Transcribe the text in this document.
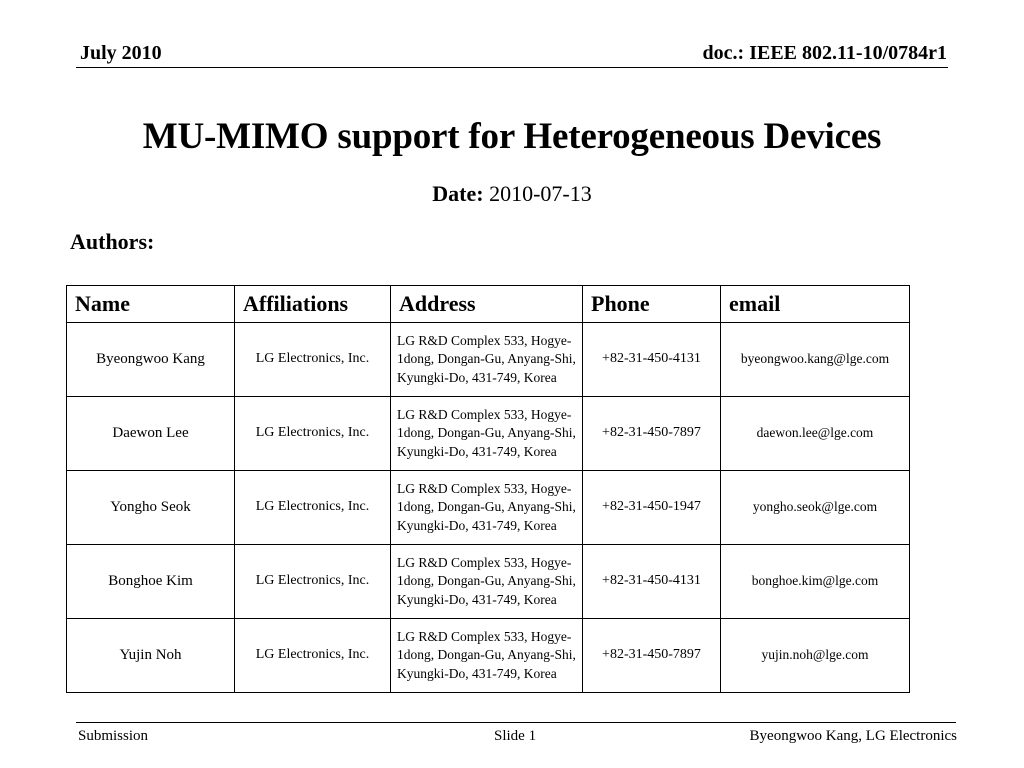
July 2010	doc.: IEEE 802.11-10/0784r1
MU-MIMO support for Heterogeneous Devices
Date: 2010-07-13
Authors:
Name	Affiliations	Address	Phone	email
Byeongwoo Kang	LG Electronics, Inc.	LG R&D Complex 533, Hogye-1dong, Dongan-Gu, Anyang-Shi, Kyungki-Do, 431-749, Korea	+82-31-450-4131	byeongwoo.kang@lge.com
Daewon Lee	LG Electronics, Inc.	LG R&D Complex 533, Hogye-1dong, Dongan-Gu, Anyang-Shi, Kyungki-Do, 431-749, Korea	+82-31-450-7897	daewon.lee@lge.com
Yongho Seok	LG Electronics, Inc.	LG R&D Complex 533, Hogye-1dong, Dongan-Gu, Anyang-Shi, Kyungki-Do, 431-749, Korea	+82-31-450-1947	yongho.seok@lge.com
Bonghoe Kim	LG Electronics, Inc.	LG R&D Complex 533, Hogye-1dong, Dongan-Gu, Anyang-Shi, Kyungki-Do, 431-749, Korea	+82-31-450-4131	bonghoe.kim@lge.com
Yujin Noh	LG Electronics, Inc.	LG R&D Complex 533, Hogye-1dong, Dongan-Gu, Anyang-Shi, Kyungki-Do, 431-749, Korea	+82-31-450-7897	yujin.noh@lge.com
Submission	Slide 1	Byeongwoo Kang, LG Electronics
